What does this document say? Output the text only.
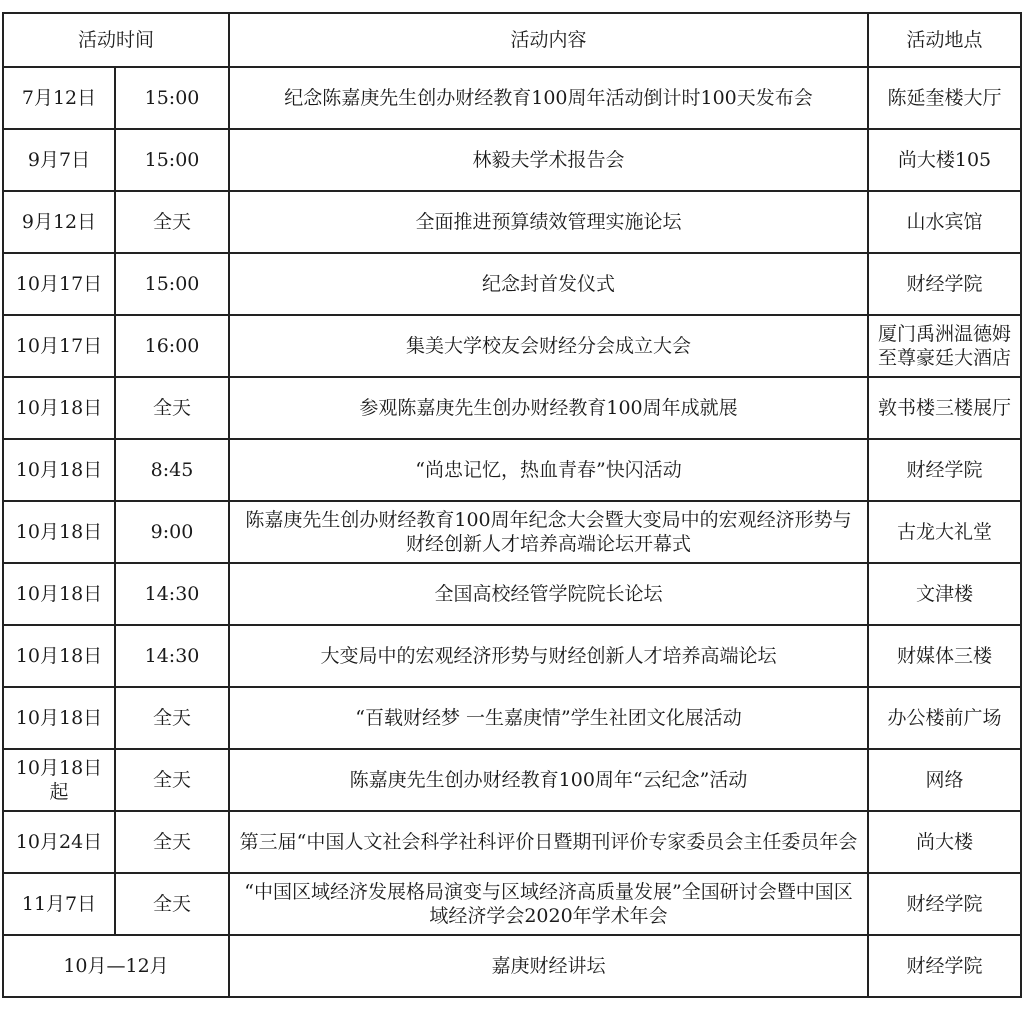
活动时间		活动内容	活动地点
7月12日	15:00	纪念陈嘉庚先生创办财经教育100周年活动倒计时100天发布会	陈延奎楼大厅
9月7日	15:00	林毅夫学术报告会	尚大楼105
9月12日	全天	全面推进预算绩效管理实施论坛	山水宾馆
10月17日	15:00	纪念封首发仪式	财经学院
10月17日	16:00	集美大学校友会财经分会成立大会	厦门禹洲温德姆至尊豪廷大酒店
10月18日	全天	参观陈嘉庚先生创办财经教育100周年成就展	敦书楼三楼展厅
10月18日	8:45	“尚忠记忆，热血青春”快闪活动	财经学院
10月18日	9:00	陈嘉庚先生创办财经教育100周年纪念大会暨大变局中的宏观经济形势与财经创新人才培养高端论坛开幕式	古龙大礼堂
10月18日	14:30	全国高校经管学院院长论坛	文津楼
10月18日	14:30	大变局中的宏观经济形势与财经创新人才培养高端论坛	财媒体三楼
10月18日	全天	“百载财经梦 一生嘉庚情”学生社团文化展活动	办公楼前广场
10月18日起	全天	陈嘉庚先生创办财经教育100周年“云纪念”活动	网络
10月24日	全天	第三届“中国人文社会科学社科评价日暨期刊评价专家委员会主任委员年会	尚大楼
11月7日	全天	“中国区域经济发展格局演变与区域经济高质量发展”全国研讨会暨中国区域经济学会2020年学术年会	财经学院
10月—12月		嘉庚财经讲坛	财经学院
